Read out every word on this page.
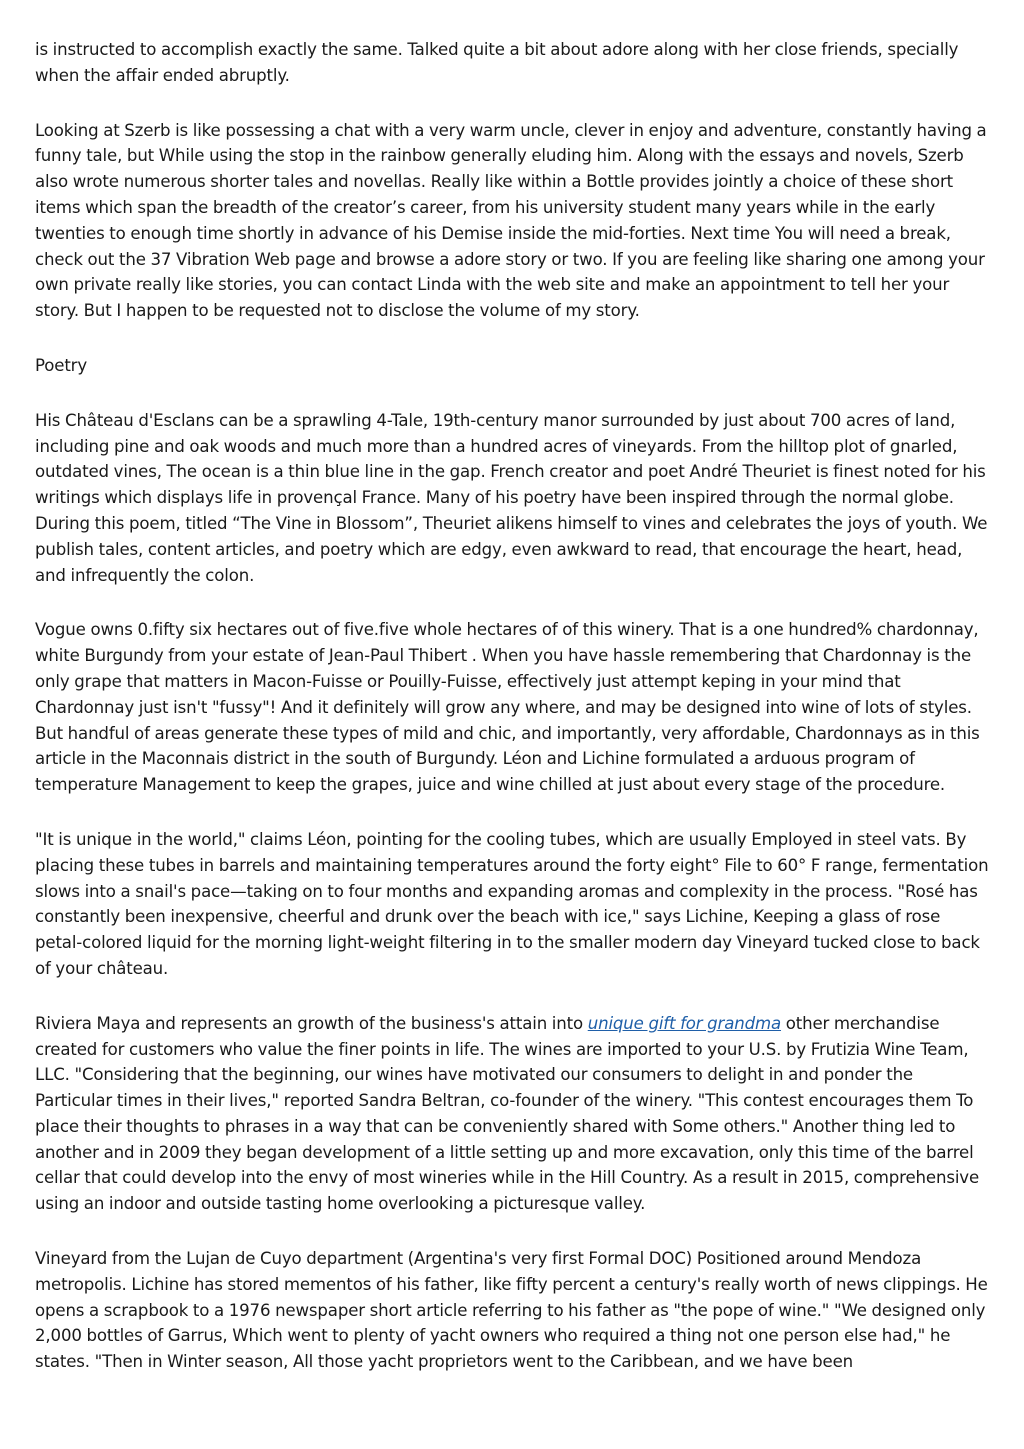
is instructed to accomplish exactly the same. Talked quite a bit about adore along with her close friends, specially when the affair ended abruptly.

Looking at Szerb is like possessing a chat with a very warm uncle, clever in enjoy and adventure, constantly having a funny tale, but While using the stop in the rainbow generally eluding him. Along with the essays and novels, Szerb also wrote numerous shorter tales and novellas. Really like within a Bottle provides jointly a choice of these short items which span the breadth of the creator’s career, from his university student many years while in the early twenties to enough time shortly in advance of his Demise inside the mid-forties. Next time You will need a break, check out the 37 Vibration Web page and browse a adore story or two. If you are feeling like sharing one among your own private really like stories, you can contact Linda with the web site and make an appointment to tell her your story. But I happen to be requested not to disclose the volume of my story.

Poetry

His Château d'Esclans can be a sprawling 4-Tale, 19th-century manor surrounded by just about 700 acres of land, including pine and oak woods and much more than a hundred acres of vineyards. From the hilltop plot of gnarled, outdated vines, The ocean is a thin blue line in the gap. French creator and poet André Theuriet is finest noted for his writings which displays life in provençal France. Many of his poetry have been inspired through the normal globe. During this poem, titled “The Vine in Blossom”, Theuriet alikens himself to vines and celebrates the joys of youth. We publish tales, content articles, and poetry which are edgy, even awkward to read, that encourage the heart, head, and infrequently the colon.

Vogue owns 0.fifty six hectares out of five.five whole hectares of of this winery. That is a one hundred% chardonnay, white Burgundy from your estate of Jean-Paul Thibert . When you have hassle remembering that Chardonnay is the only grape that matters in Macon-Fuisse or Pouilly-Fuisse, effectively just attempt keping in your mind that Chardonnay just isn't "fussy"! And it definitely will grow any where, and may be designed into wine of lots of styles. But handful of areas generate these types of mild and chic, and importantly, very affordable, Chardonnays as in this article in the Maconnais district in the south of Burgundy. Léon and Lichine formulated a arduous program of temperature Management to keep the grapes, juice and wine chilled at just about every stage of the procedure.

"It is unique in the world," claims Léon, pointing for the cooling tubes, which are usually Employed in steel vats. By placing these tubes in barrels and maintaining temperatures around the forty eight° File to 60° F range, fermentation slows into a snail's pace—taking on to four months and expanding aromas and complexity in the process. "Rosé has constantly been inexpensive, cheerful and drunk over the beach with ice," says Lichine, Keeping a glass of rose petal-colored liquid for the morning light-weight filtering in to the smaller modern day Vineyard tucked close to back of your château.

Riviera Maya and represents an growth of the business's attain into unique gift for grandma other merchandise created for customers who value the finer points in life. The wines are imported to your U.S. by Frutizia Wine Team, LLC. "Considering that the beginning, our wines have motivated our consumers to delight in and ponder the Particular times in their lives," reported Sandra Beltran, co-founder of the winery. "This contest encourages them To place their thoughts to phrases in a way that can be conveniently shared with Some others." Another thing led to another and in 2009 they began development of a little setting up and more excavation, only this time of the barrel cellar that could develop into the envy of most wineries while in the Hill Country. As a result in 2015, comprehensive using an indoor and outside tasting home overlooking a picturesque valley.

Vineyard from the Lujan de Cuyo department (Argentina's very first Formal DOC) Positioned around Mendoza metropolis. Lichine has stored mementos of his father, like fifty percent a century's really worth of news clippings. He opens a scrapbook to a 1976 newspaper short article referring to his father as "the pope of wine." "We designed only 2,000 bottles of Garrus, Which went to plenty of yacht owners who required a thing not one person else had," he states. "Then in Winter season, All those yacht proprietors went to the Caribbean, and we have been
